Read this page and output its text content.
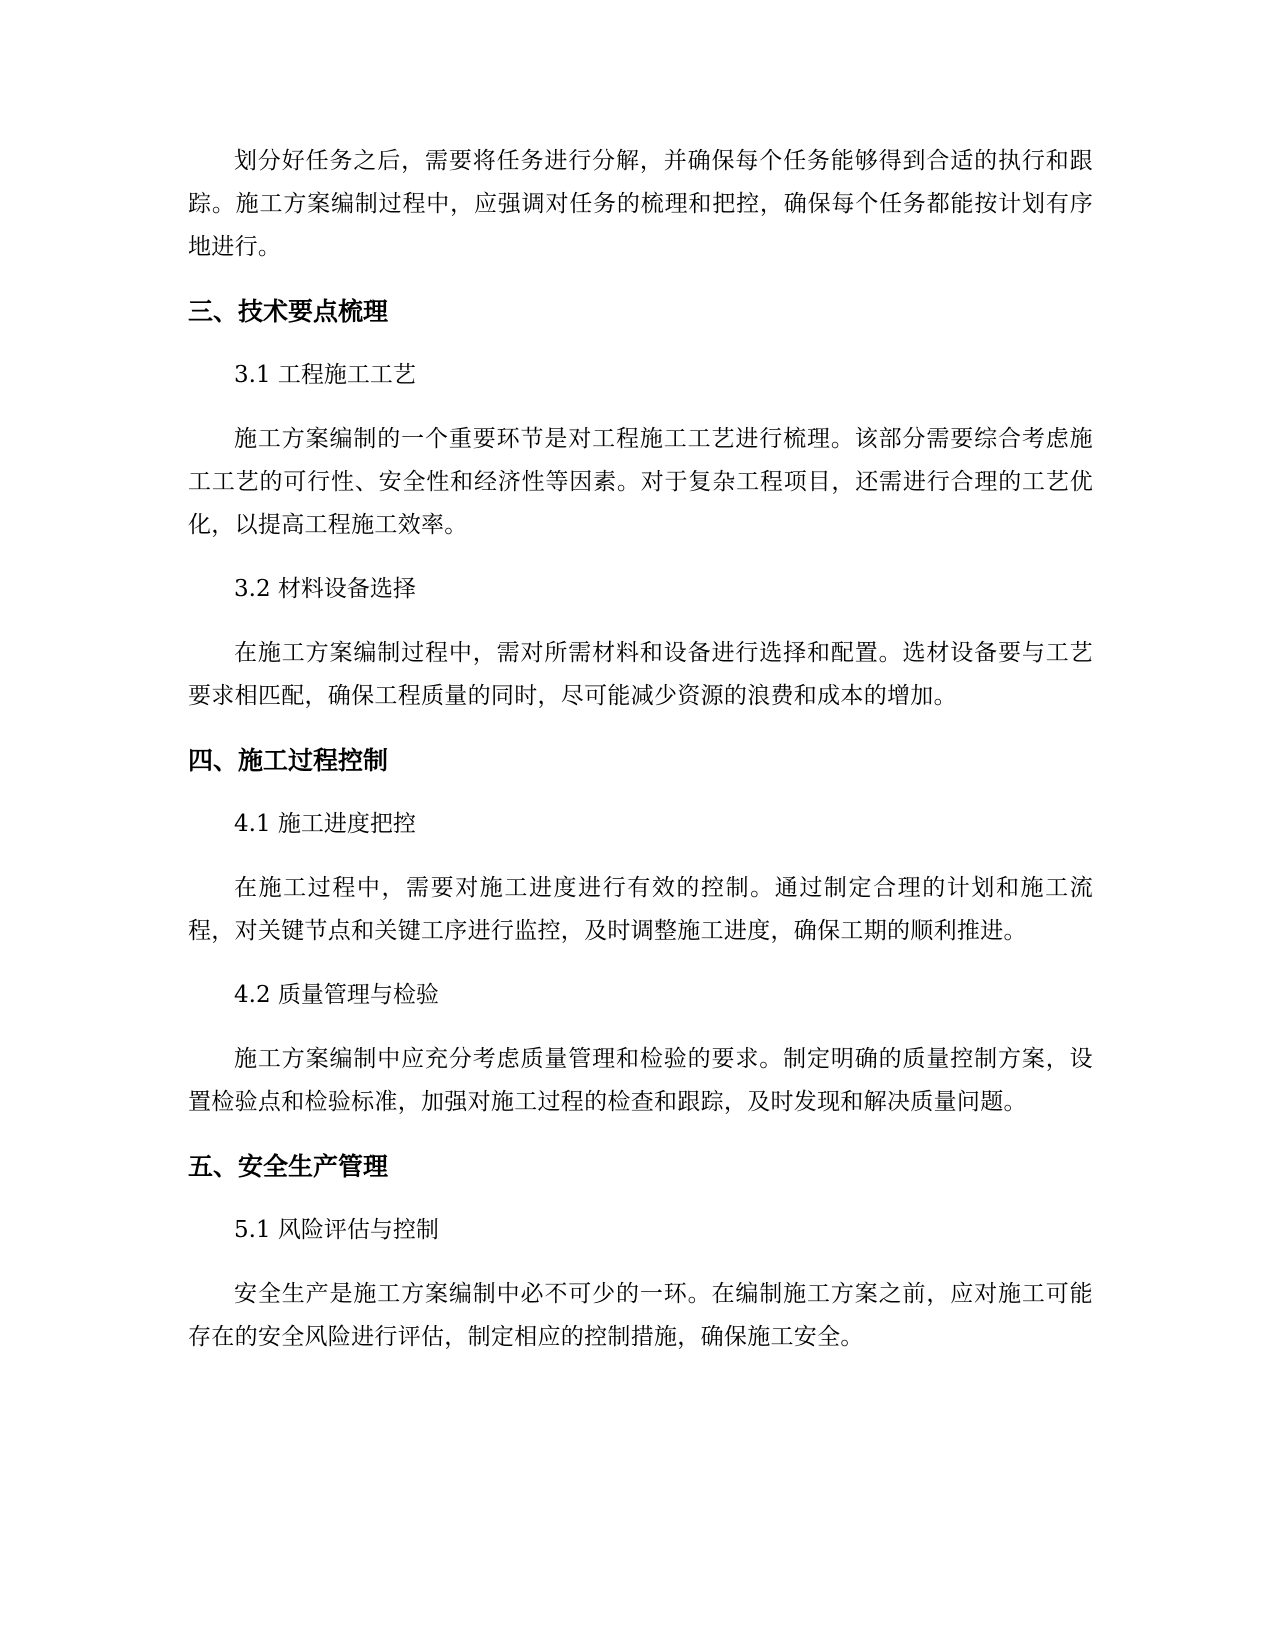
划分好任务之后，需要将任务进行分解，并确保每个任务能够得到合适的执行和跟踪。施工方案编制过程中，应强调对任务的梳理和把控，确保每个任务都能按计划有序地进行。

三、技术要点梳理
3.1 工程施工工艺

施工方案编制的一个重要环节是对工程施工工艺进行梳理。该部分需要综合考虑施工工艺的可行性、安全性和经济性等因素。对于复杂工程项目，还需进行合理的工艺优化，以提高工程施工效率。

3.2 材料设备选择

在施工方案编制过程中，需对所需材料和设备进行选择和配置。选材设备要与工艺要求相匹配，确保工程质量的同时，尽可能减少资源的浪费和成本的增加。

四、施工过程控制
4.1 施工进度把控

在施工过程中，需要对施工进度进行有效的控制。通过制定合理的计划和施工流程，对关键节点和关键工序进行监控，及时调整施工进度，确保工期的顺利推进。

4.2 质量管理与检验

施工方案编制中应充分考虑质量管理和检验的要求。制定明确的质量控制方案，设置检验点和检验标准，加强对施工过程的检查和跟踪，及时发现和解决质量问题。

五、安全生产管理
5.1 风险评估与控制

安全生产是施工方案编制中必不可少的一环。在编制施工方案之前，应对施工可能存在的安全风险进行评估，制定相应的控制措施，确保施工安全。
